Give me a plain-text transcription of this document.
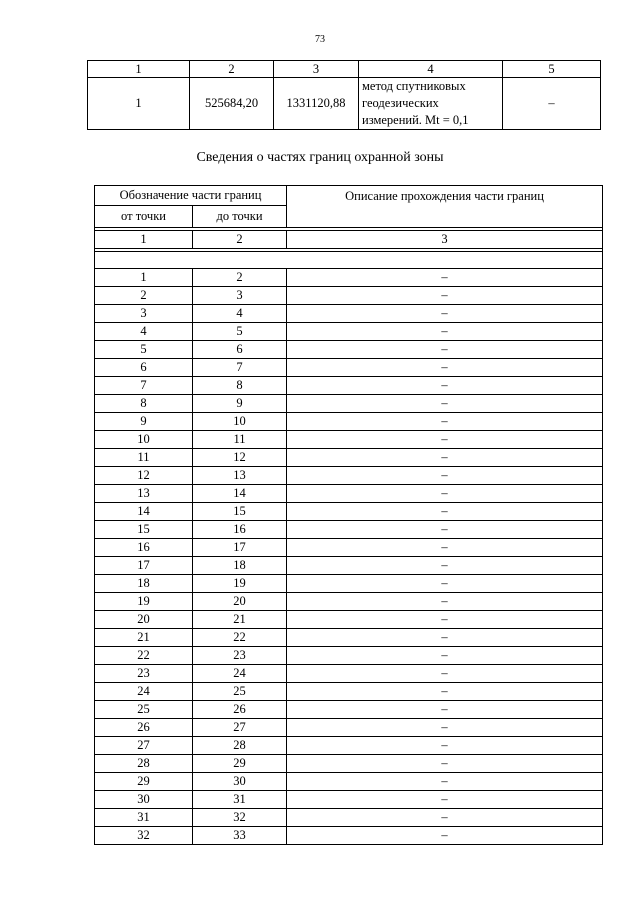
73
1	2	3	4	5
1	525684,20	1331120,88	метод спутниковых
геодезических
измерений. Mt = 0,1	–
Сведения о частях границ охранной зоны
Обозначение части границ		Описание прохождения части границ
от точки	до точки	

1	2	3

1	2	–
2	3	–
3	4	–
4	5	–
5	6	–
6	7	–
7	8	–
8	9	–
9	10	–
10	11	–
11	12	–
12	13	–
13	14	–
14	15	–
15	16	–
16	17	–
17	18	–
18	19	–
19	20	–
20	21	–
21	22	–
22	23	–
23	24	–
24	25	–
25	26	–
26	27	–
27	28	–
28	29	–
29	30	–
30	31	–
31	32	–
32	33	–
